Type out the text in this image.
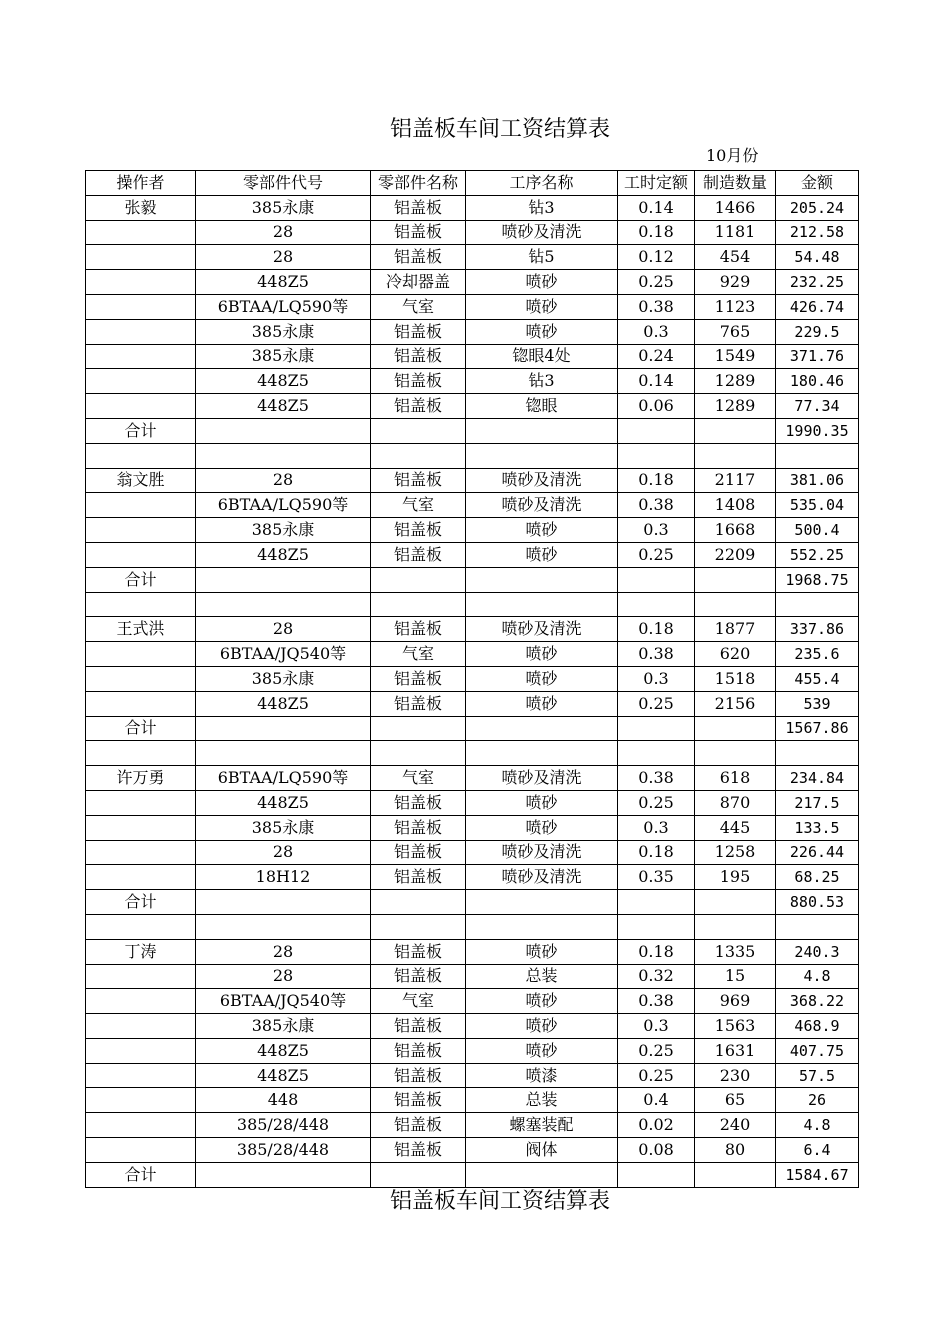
铝盖板车间工资结算表
10月份
操作者	零部件代号	零部件名称	工序名称	工时定额	制造数量	金额
张毅	385永康	铝盖板	钻3	0.14	1466	205.24
	28	铝盖板	喷砂及清洗	0.18	1181	212.58
	28	铝盖板	钻5	0.12	454	54.48
	448Z5	冷却器盖	喷砂	0.25	929	232.25
	6BTAA/LQ590等	气室	喷砂	0.38	1123	426.74
	385永康	铝盖板	喷砂	0.3	765	229.5
	385永康	铝盖板	锪眼4处	0.24	1549	371.76
	448Z5	铝盖板	钻3	0.14	1289	180.46
	448Z5	铝盖板	锪眼	0.06	1289	77.34
合计						1990.35

翁文胜	28	铝盖板	喷砂及清洗	0.18	2117	381.06
	6BTAA/LQ590等	气室	喷砂及清洗	0.38	1408	535.04
	385永康	铝盖板	喷砂	0.3	1668	500.4
	448Z5	铝盖板	喷砂	0.25	2209	552.25
合计						1968.75

王式洪	28	铝盖板	喷砂及清洗	0.18	1877	337.86
	6BTAA/JQ540等	气室	喷砂	0.38	620	235.6
	385永康	铝盖板	喷砂	0.3	1518	455.4
	448Z5	铝盖板	喷砂	0.25	2156	539
合计						1567.86

许万勇	6BTAA/LQ590等	气室	喷砂及清洗	0.38	618	234.84
	448Z5	铝盖板	喷砂	0.25	870	217.5
	385永康	铝盖板	喷砂	0.3	445	133.5
	28	铝盖板	喷砂及清洗	0.18	1258	226.44
	18H12	铝盖板	喷砂及清洗	0.35	195	68.25
合计						880.53

丁涛	28	铝盖板	喷砂	0.18	1335	240.3
	28	铝盖板	总装	0.32	15	4.8
	6BTAA/JQ540等	气室	喷砂	0.38	969	368.22
	385永康	铝盖板	喷砂	0.3	1563	468.9
	448Z5	铝盖板	喷砂	0.25	1631	407.75
	448Z5	铝盖板	喷漆	0.25	230	57.5
	448	铝盖板	总装	0.4	65	26
	385/28/448	铝盖板	螺塞装配	0.02	240	4.8
	385/28/448	铝盖板	阀体	0.08	80	6.4
合计						1584.67
铝盖板车间工资结算表
